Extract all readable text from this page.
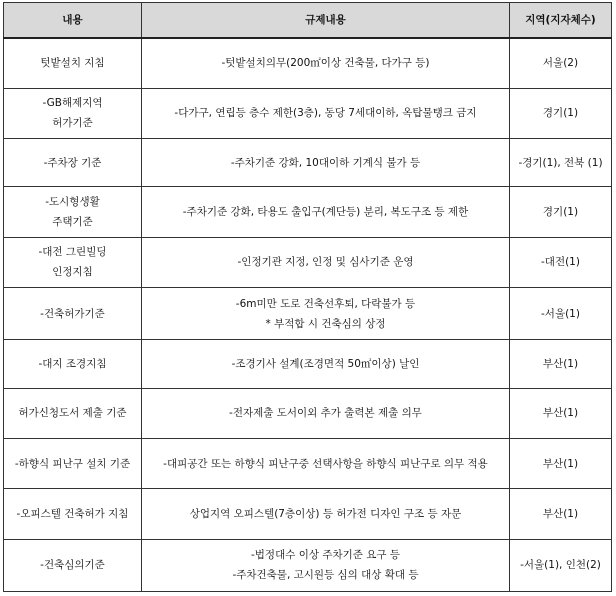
내용	규제내용	지역(지자체수)

텃밭설치 지침	-텃밭설치의무(200㎡이상 건축물, 다가구 등)	서울(2)

-GB해제지역
허가기준	-다가구, 연립등 층수 제한(3층), 동당 7세대이하, 옥탑물탱크 금지	경기(1)

-주차장 기준	-주차기준 강화, 10대이하 기계식 불가 등	-경기(1), 전북 (1)

-도시형생활
주택기준	-주차기준 강화, 타용도 출입구(계단등) 분리, 복도구조 등 제한	경기(1)

-대전 그린빌딩
인정지침	-인정기관 지정, 인정 및 심사기준 운영	-대전(1)

-건축허가기준	-6m미만 도로 건축선후퇴, 다락불가 등
* 부적합 시 건축심의 상정	-서울(1)

-대지 조경지침	-조경기사 설계(조경면적 50㎡이상) 날인	부산(1)

허가신청도서 제출 기준	-전자제출 도서이외 추가 출력본 제출 의무	부산(1)

-하향식 피난구 설치 기준	-대피공간 또는 하향식 피난구중 선택사항을 하향식 피난구로 의무 적용	부산(1)

-오피스텔 건축허가 지침	상업지역 오피스텔(7층이상) 등 허가전 디자인 구조 등 자문	부산(1)

-건축심의기준	-법정대수 이상 주차기준 요구 등
-주차건축물, 고시원등 심의 대상 확대 등	-서울(1), 인천(2)
